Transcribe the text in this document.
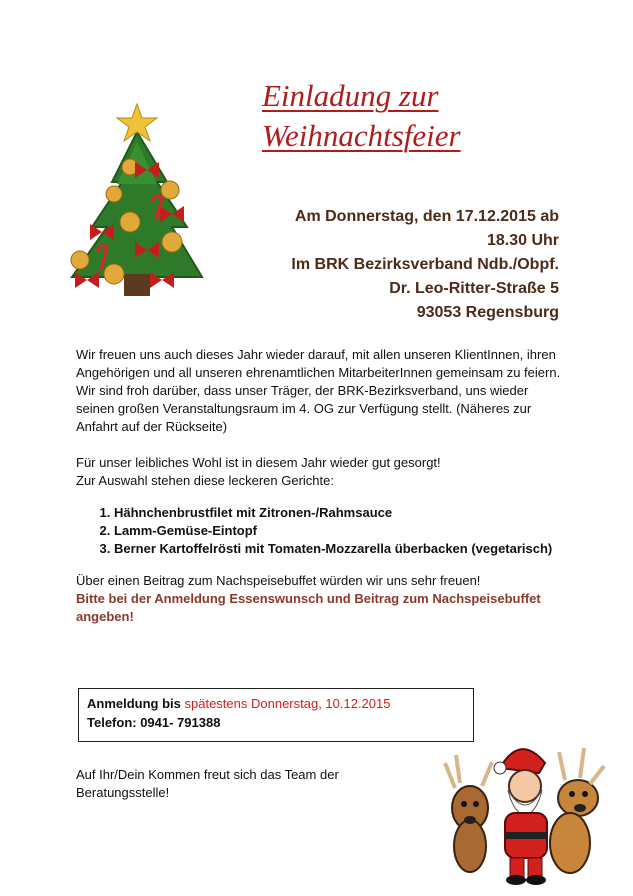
Einladung zur
Weihnachtsfeier
Am Donnerstag, den 17.12.2015 ab
18.30 Uhr
Im BRK Bezirksverband Ndb./Obpf.
Dr. Leo-Ritter-Straße 5
93053 Regensburg

Wir freuen uns auch dieses Jahr wieder darauf, mit allen unseren KlientInnen, ihren Angehörigen und all unseren ehrenamtlichen MitarbeiterInnen gemeinsam zu feiern.

Wir sind froh darüber, dass unser Träger, der BRK-Bezirksverband, uns wieder seinen großen Veranstaltungsraum im 4. OG zur Verfügung stellt. (Näheres zur Anfahrt auf der Rückseite)

Für unser leibliches Wohl ist in diesem Jahr wieder gut gesorgt!

Zur Auswahl stehen diese leckeren Gerichte:

1. Hähnchenbrustfilet mit Zitronen-/Rahmsauce
2. Lamm-Gemüse-Eintopf
3. Berner Kartoffelrösti mit Tomaten-Mozzarella überbacken (vegetarisch)

Über einen Beitrag zum Nachspeisebuffet würden wir uns sehr freuen!

Bitte bei der Anmeldung Essenswunsch und Beitrag zum Nachspeisebuffet angeben!

Anmeldung bis spätestens Donnerstag, 10.12.2015
Telefon: 0941- 791388
Auf Ihr/Dein Kommen freut sich das Team der Beratungsstelle!
